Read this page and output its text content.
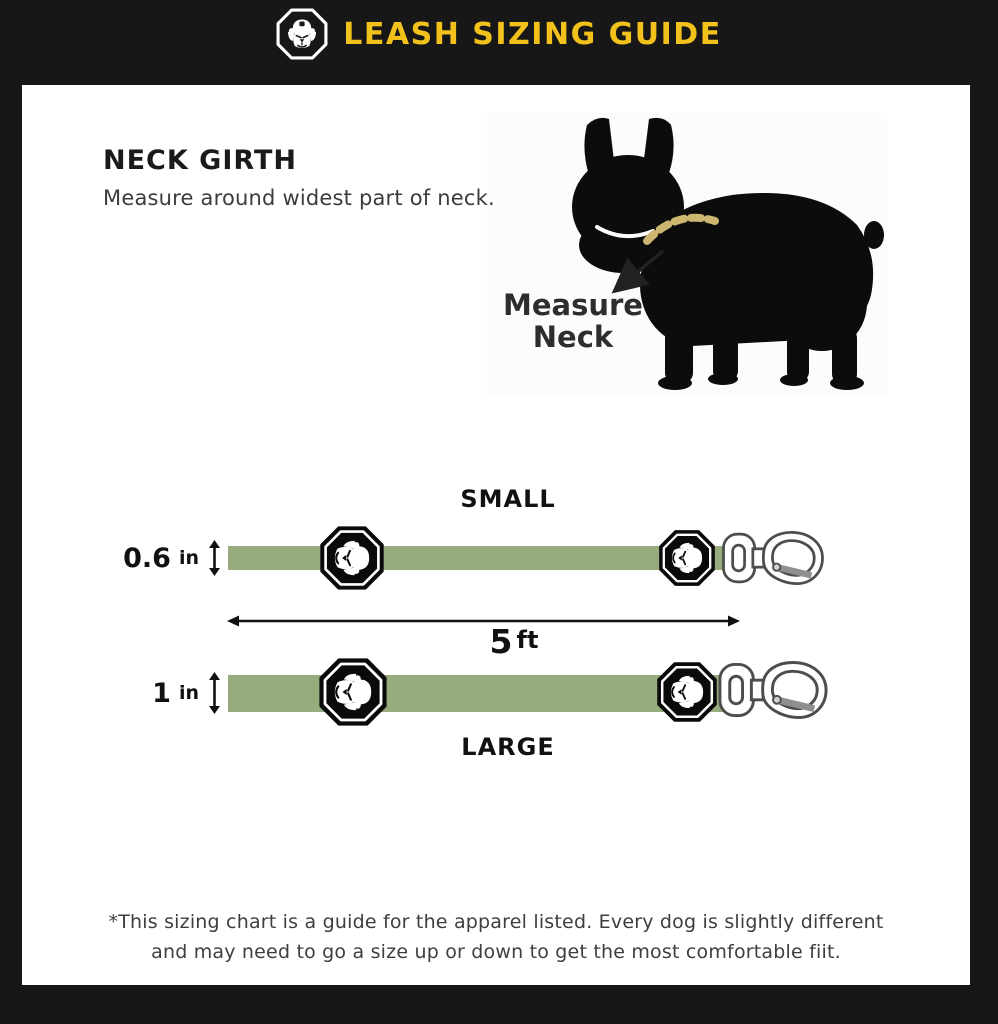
LEASH SIZING GUIDE
NECK GIRTH
Measure around widest part of neck.
Measure
Neck
SMALL
0.6 in
5 ft
1 in
LARGE
*This sizing chart is a guide for the apparel listed. Every dog is slightly different
and may need to go a size up or down to get the most comfortable fiit.
